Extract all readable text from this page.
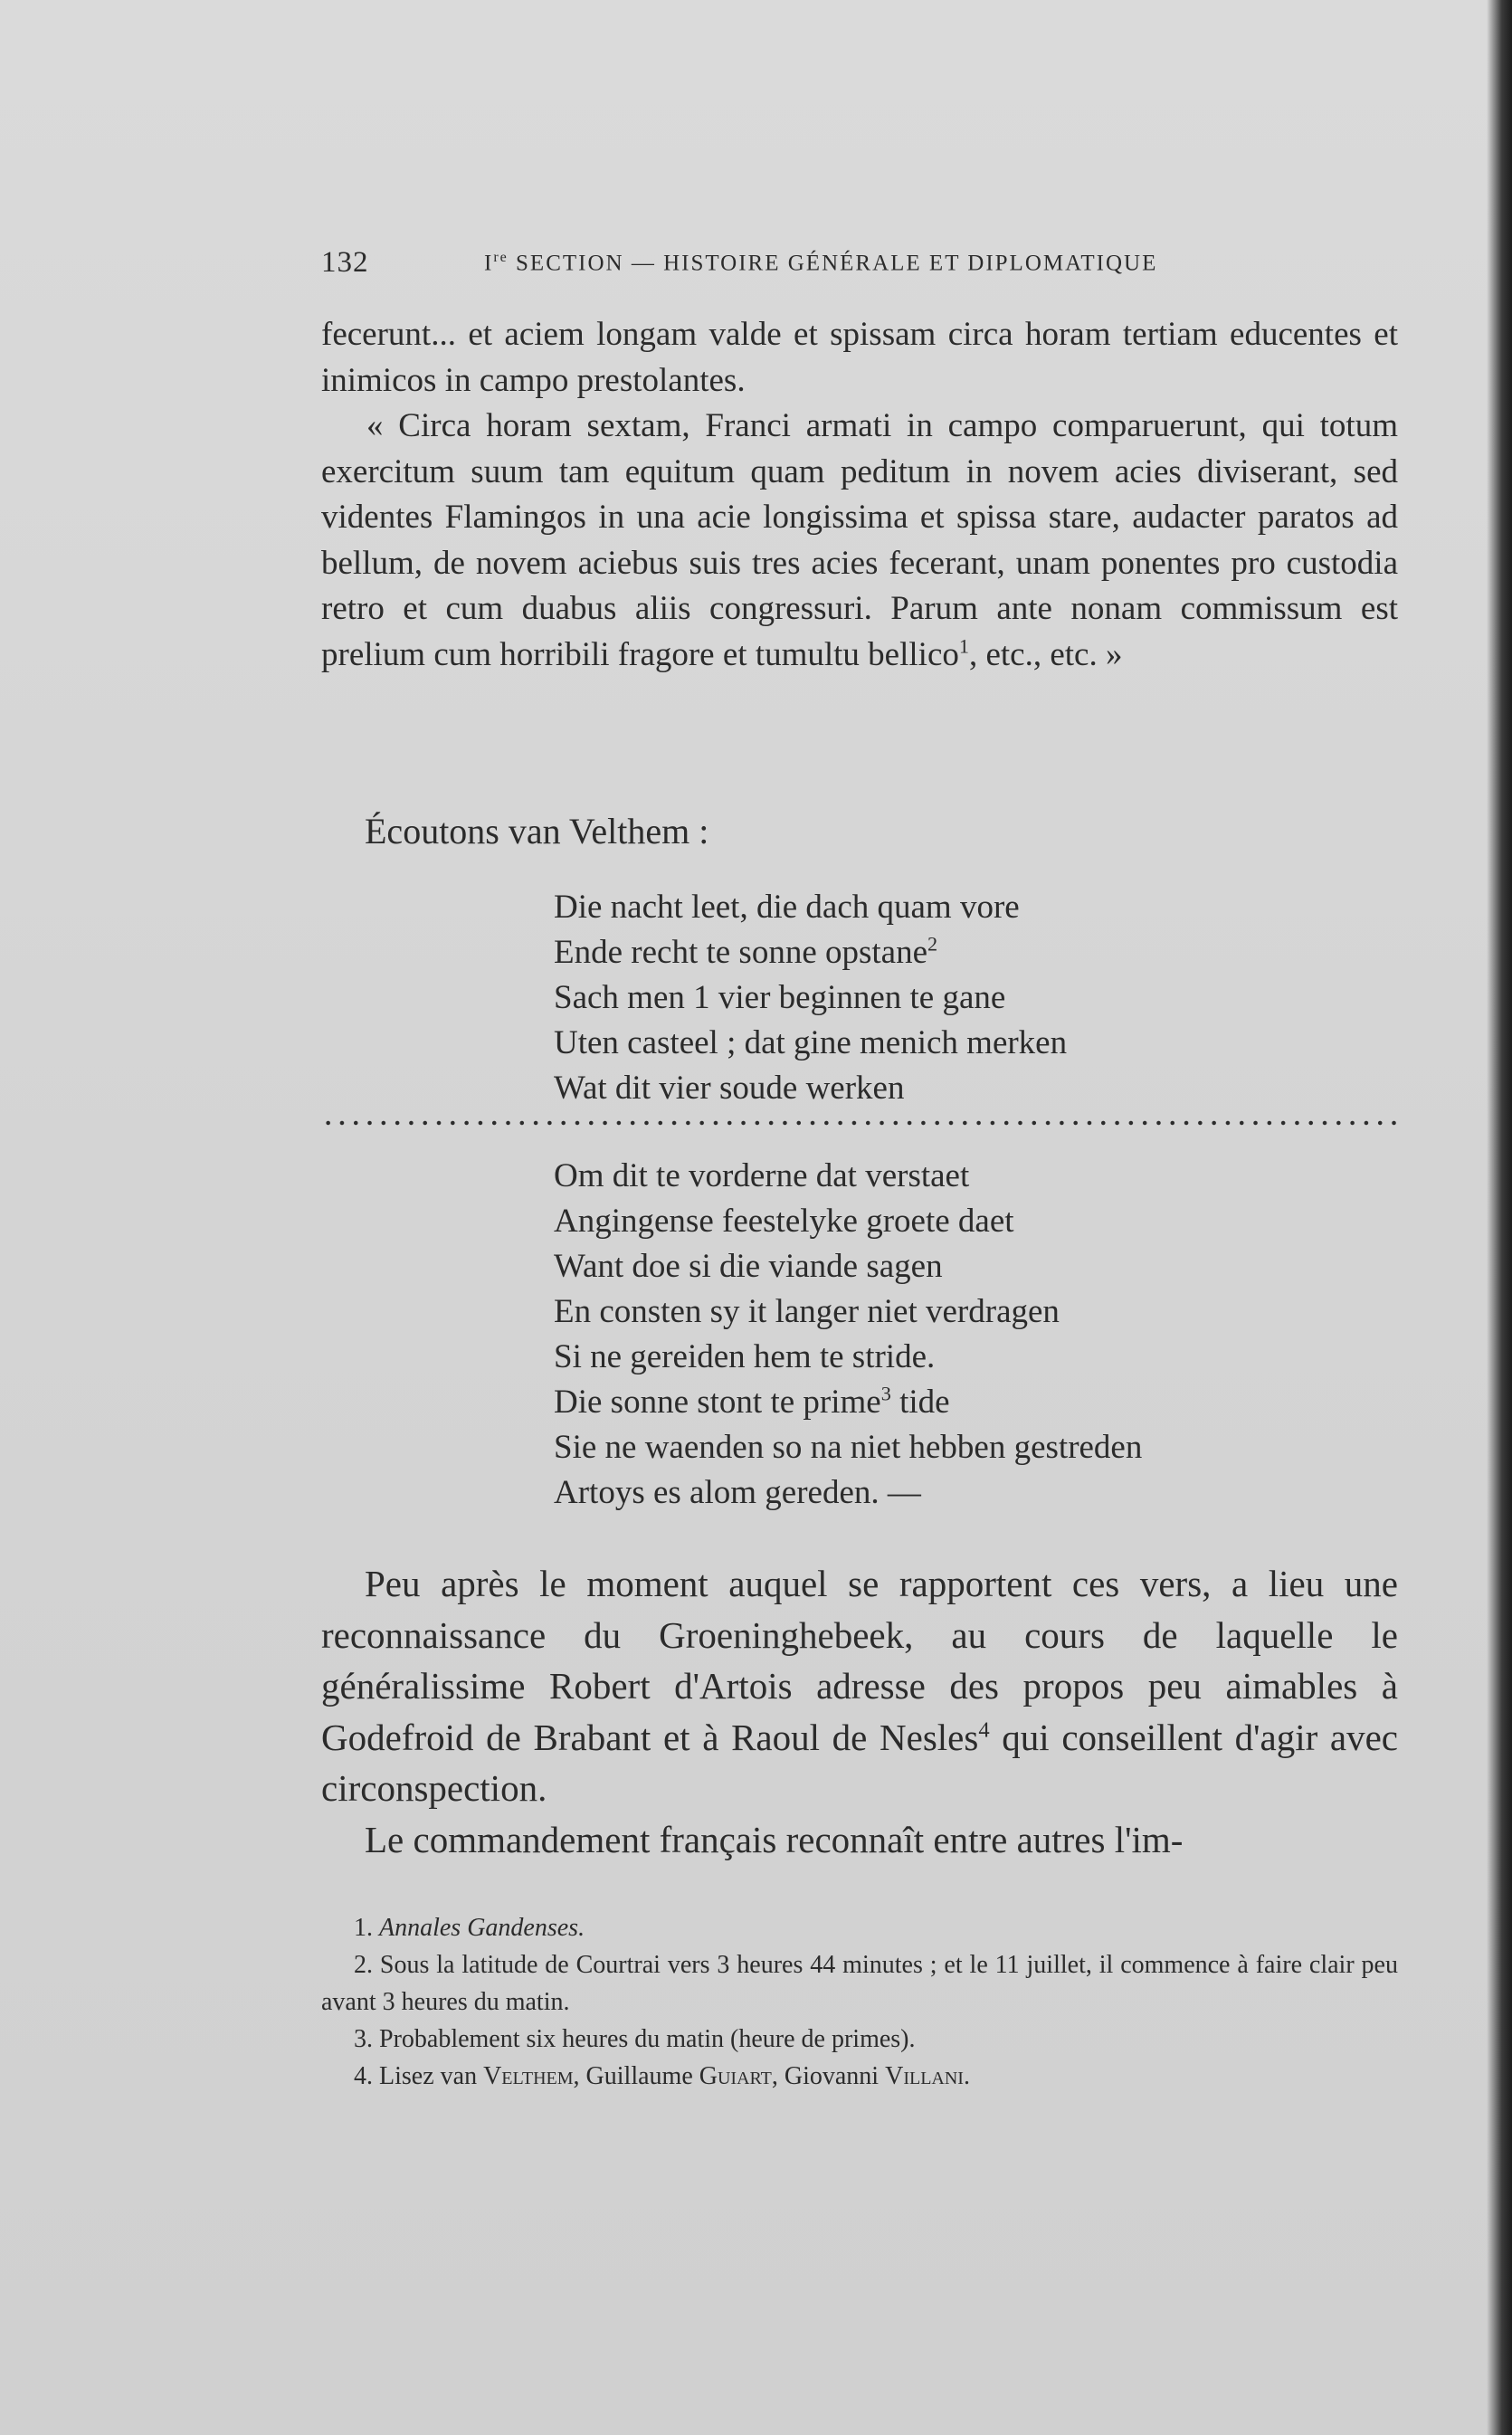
132	Ire SECTION — HISTOIRE GÉNÉRALE ET DIPLOMATIQUE

fecerunt... et aciem longam valde et spissam circa horam tertiam educentes et inimicos in campo prestolantes.

« Circa horam sextam, Franci armati in campo comparuerunt, qui totum exercitum suum tam equitum quam peditum in novem acies diviserant, sed videntes Flamingos in una acie longissima et spissa stare, audacter paratos ad bellum, de novem aciebus suis tres acies fecerant, unam ponentes pro custodia retro et cum duabus aliis congressuri. Parum ante nonam commissum est prelium cum horribili fragore et tumultu bellico$^1$, etc., etc. »

Écoutons van Velthem :
Die nacht leet, die dach quam vore
Ende recht te sonne opstane$^2$
Sach men 1 vier beginnen te gane
Uten casteel ; dat gine menich merken
Wat dit vier soude werken
Om dit te vorderne dat verstaet
Angingense feestelyke groete daet
Want doe si die viande sagen
En consten sy it langer niet verdragen
Si ne gereiden hem te stride.
Die sonne stont te prime$^3$ tide
Sie ne waenden so na niet hebben gestreden
Artoys es alom gereden. —

Peu après le moment auquel se rapportent ces vers, a lieu une reconnaissance du Groeninghebeek, au cours de laquelle le généralissime Robert d'Artois adresse des propos peu aimables à Godefroid de Brabant et à Raoul de Nesles$^4$ qui conseillent d'agir avec circonspection.

Le commandement français reconnaît entre autres l'im-

1. Annales Gandenses.
2. Sous la latitude de Courtrai vers 3 heures 44 minutes ; et le 11 juillet, il commence à faire clair peu avant 3 heures du matin.
3. Probablement six heures du matin (heure de primes).
4. Lisez van Velthem, Guillaume Guiart, Giovanni Villani.
